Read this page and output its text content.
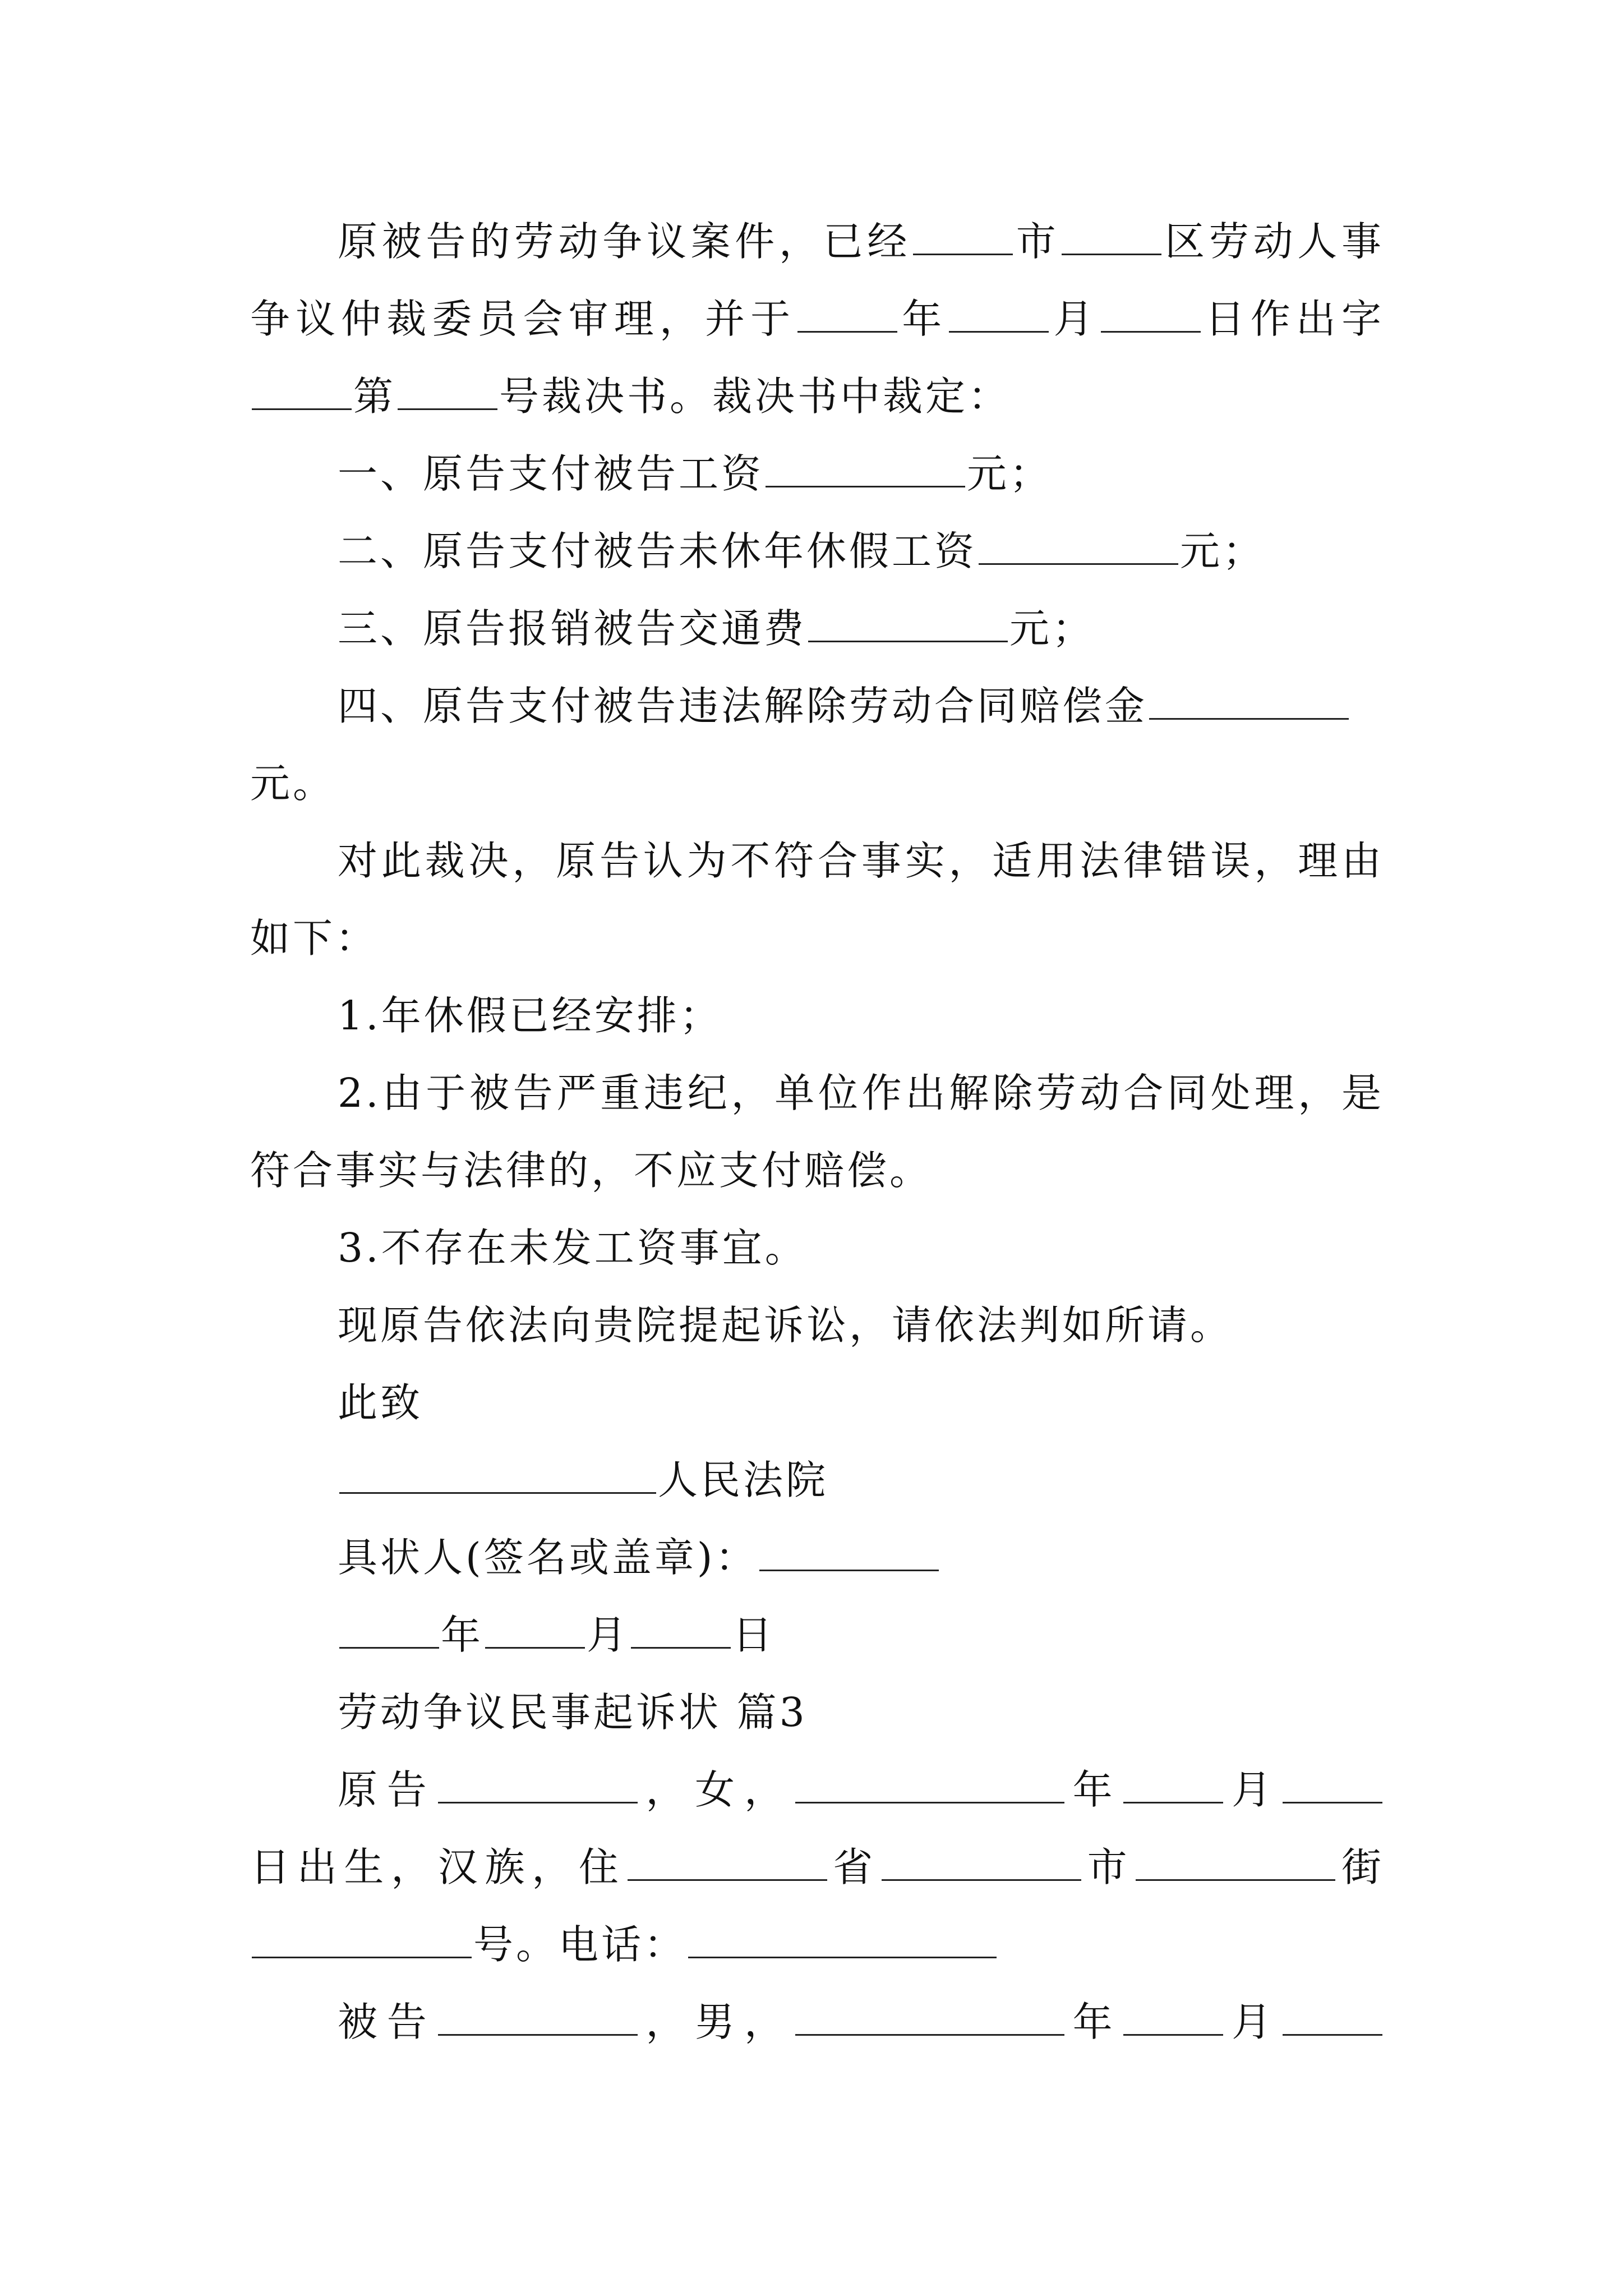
原被告的劳动争议案件，已经	市	区劳动人事
争议仲裁委员会审理，并于	年	月	日作出字
第	号裁决书。裁决书中裁定：
一、原告支付被告工资	元；
二、原告支付被告未休年休假工资	元；
三、原告报销被告交通费	元；
四、原告支付被告违法解除劳动合同赔偿金
元。
对此裁决，原告认为不符合事实，适用法律错误，理由
如下：
1.年休假已经安排；
2.由于被告严重违纪，单位作出解除劳动合同处理，是
符合事实与法律的，不应支付赔偿。
3.不存在未发工资事宜。
现原告依法向贵院提起诉讼，请依法判如所请。
此致
人民法院
具状人(签名或盖章)：
年	月	日
劳动争议民事起诉状 篇3
原告	，女，	年	月
日出生，汉族，住	省	市	街
号。电话：
被告	，男，	年	月
